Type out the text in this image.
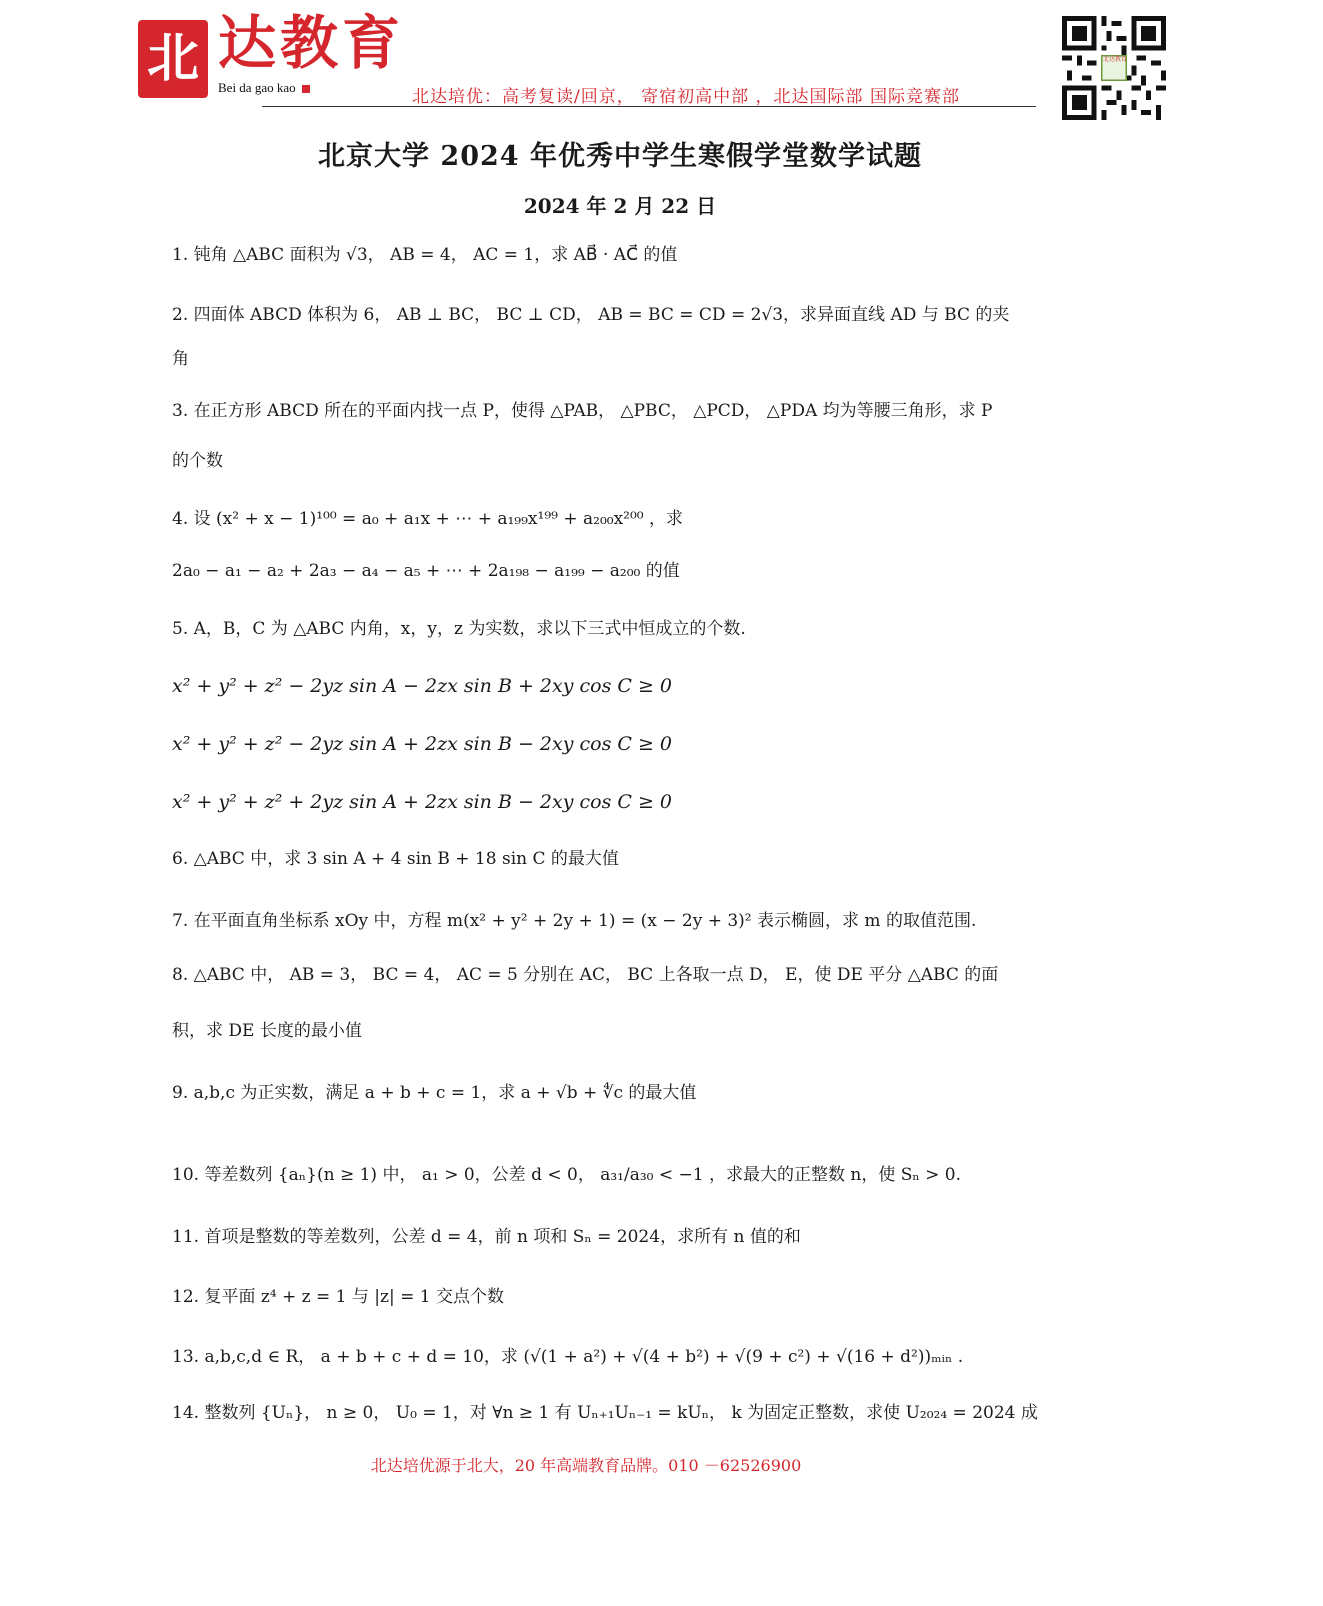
北 达教育
Bei da gao kao	北达培优：高考复读/回京， 寄宿初高中部 ，北达国际部 国际竞赛部
北达教育
北京大学 2024 年优秀中学生寒假学堂数学试题
2024 年 2 月 22 日
1. 钝角 △ABC 面积为 √3， AB = 4， AC = 1，求 AB⃗ · AC⃗ 的值
2. 四面体 ABCD 体积为 6， AB ⊥ BC， BC ⊥ CD， AB = BC = CD = 2√3，求异面直线 AD 与 BC 的夹
角
3. 在正方形 ABCD 所在的平面内找一点 P，使得 △PAB， △PBC， △PCD， △PDA 均为等腰三角形，求 P
的个数
4. 设 (x² + x − 1)¹⁰⁰ = a₀ + a₁x + ⋯ + a₁₉₉x¹⁹⁹ + a₂₀₀x²⁰⁰ ，求
2a₀ − a₁ − a₂ + 2a₃ − a₄ − a₅ + ⋯ + 2a₁₉₈ − a₁₉₉ − a₂₀₀ 的值
5. A，B，C 为 △ABC 内角，x，y，z 为实数，求以下三式中恒成立的个数.
x² + y² + z² − 2yz sin A − 2zx sin B + 2xy cos C ≥ 0
x² + y² + z² − 2yz sin A + 2zx sin B − 2xy cos C ≥ 0
x² + y² + z² + 2yz sin A + 2zx sin B − 2xy cos C ≥ 0
6. △ABC 中，求 3 sin A + 4 sin B + 18 sin C 的最大值
7. 在平面直角坐标系 xOy 中，方程 m(x² + y² + 2y + 1) = (x − 2y + 3)² 表示椭圆，求 m 的取值范围.
8. △ABC 中， AB = 3， BC = 4， AC = 5 分别在 AC， BC 上各取一点 D， E，使 DE 平分 △ABC 的面
积，求 DE 长度的最小值
9. a,b,c 为正实数，满足 a + b + c = 1，求 a + √b + ∜c 的最大值
10. 等差数列 {aₙ}(n ≥ 1) 中， a₁ > 0，公差 d < 0， a₃₁/a₃₀ < −1 ，求最大的正整数 n，使 Sₙ > 0.
11. 首项是整数的等差数列，公差 d = 4，前 n 项和 Sₙ = 2024，求所有 n 值的和
12. 复平面 z⁴ + z = 1 与 |z| = 1 交点个数
13. a,b,c,d ∈ R， a + b + c + d = 10，求 (√(1 + a²) + √(4 + b²) + √(9 + c²) + √(16 + d²))ₘᵢₙ .
14. 整数列 {Uₙ}， n ≥ 0， U₀ = 1，对 ∀n ≥ 1 有 Uₙ₊₁Uₙ₋₁ = kUₙ， k 为固定正整数，求使 U₂₀₂₄ = 2024 成
北达培优源于北大，20 年高端教育品牌。010 －62526900
